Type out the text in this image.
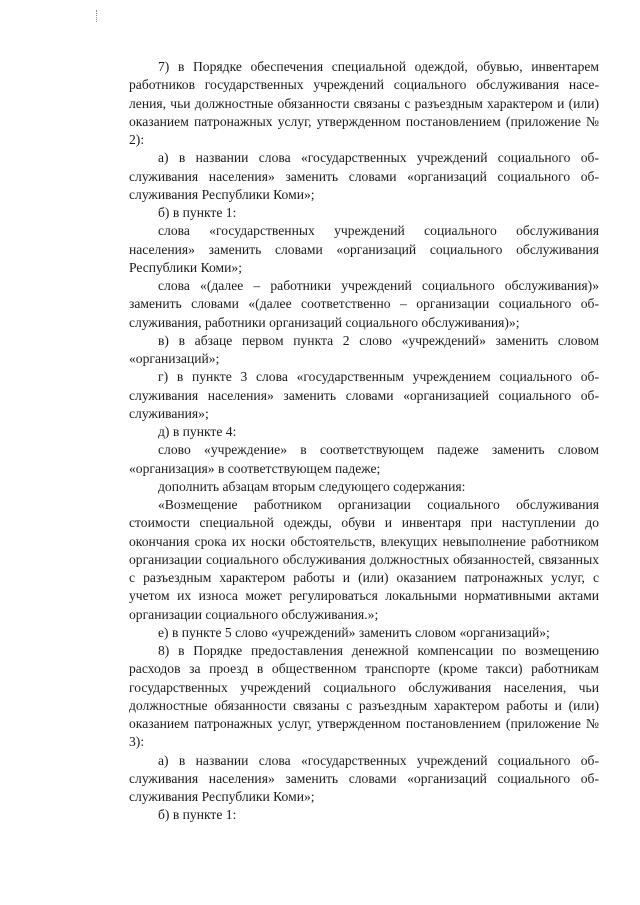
7) в Порядке обеспечения специальной одеждой, обувью, инвентарем работников государственных учреждений социального обслуживания населения, чьи должностные обязанности связаны с разъездным характером и (или) оказанием патронажных услуг, утвержденном постановлением (приложение № 2):

а) в названии слова «государственных учреждений социального обслуживания населения» заменить словами «организаций социального обслуживания Республики Коми»;

б) в пункте 1:

слова «государственных учреждений социального обслуживания населения» заменить словами «организаций социального обслуживания Республики Коми»;

слова «(далее – работники учреждений социального обслуживания)» заменить словами «(далее соответственно – организации социального обслуживания, работники организаций социального обслуживания)»;

в) в абзаце первом пункта 2 слово «учреждений» заменить словом «организаций»;

г) в пункте 3 слова «государственным учреждением социального обслуживания населения» заменить словами «организацией социального обслуживания»;

д) в пункте 4:

слово «учреждение» в соответствующем падеже заменить словом «организация» в соответствующем падеже;

дополнить абзацам вторым следующего содержания:

«Возмещение работником организации социального обслуживания стоимости специальной одежды, обуви и инвентаря при наступлении до окончания срока их носки обстоятельств, влекущих невыполнение работником организации социального обслуживания должностных обязанностей, связанных с разъездным характером работы и (или) оказанием патронажных услуг, с учетом их износа может регулироваться локальными нормативными актами организации социального обслуживания.»;

е) в пункте 5 слово «учреждений» заменить словом «организаций»;

8) в Порядке предоставления денежной компенсации по возмещению расходов за проезд в общественном транспорте (кроме такси) работникам государственных учреждений социального обслуживания населения, чьи должностные обязанности связаны с разъездным характером работы и (или) оказанием патронажных услуг, утвержденном постановлением (приложение № 3):

а) в названии слова «государственных учреждений социального обслуживания населения» заменить словами «организаций социального обслуживания Республики Коми»;

б) в пункте 1:
